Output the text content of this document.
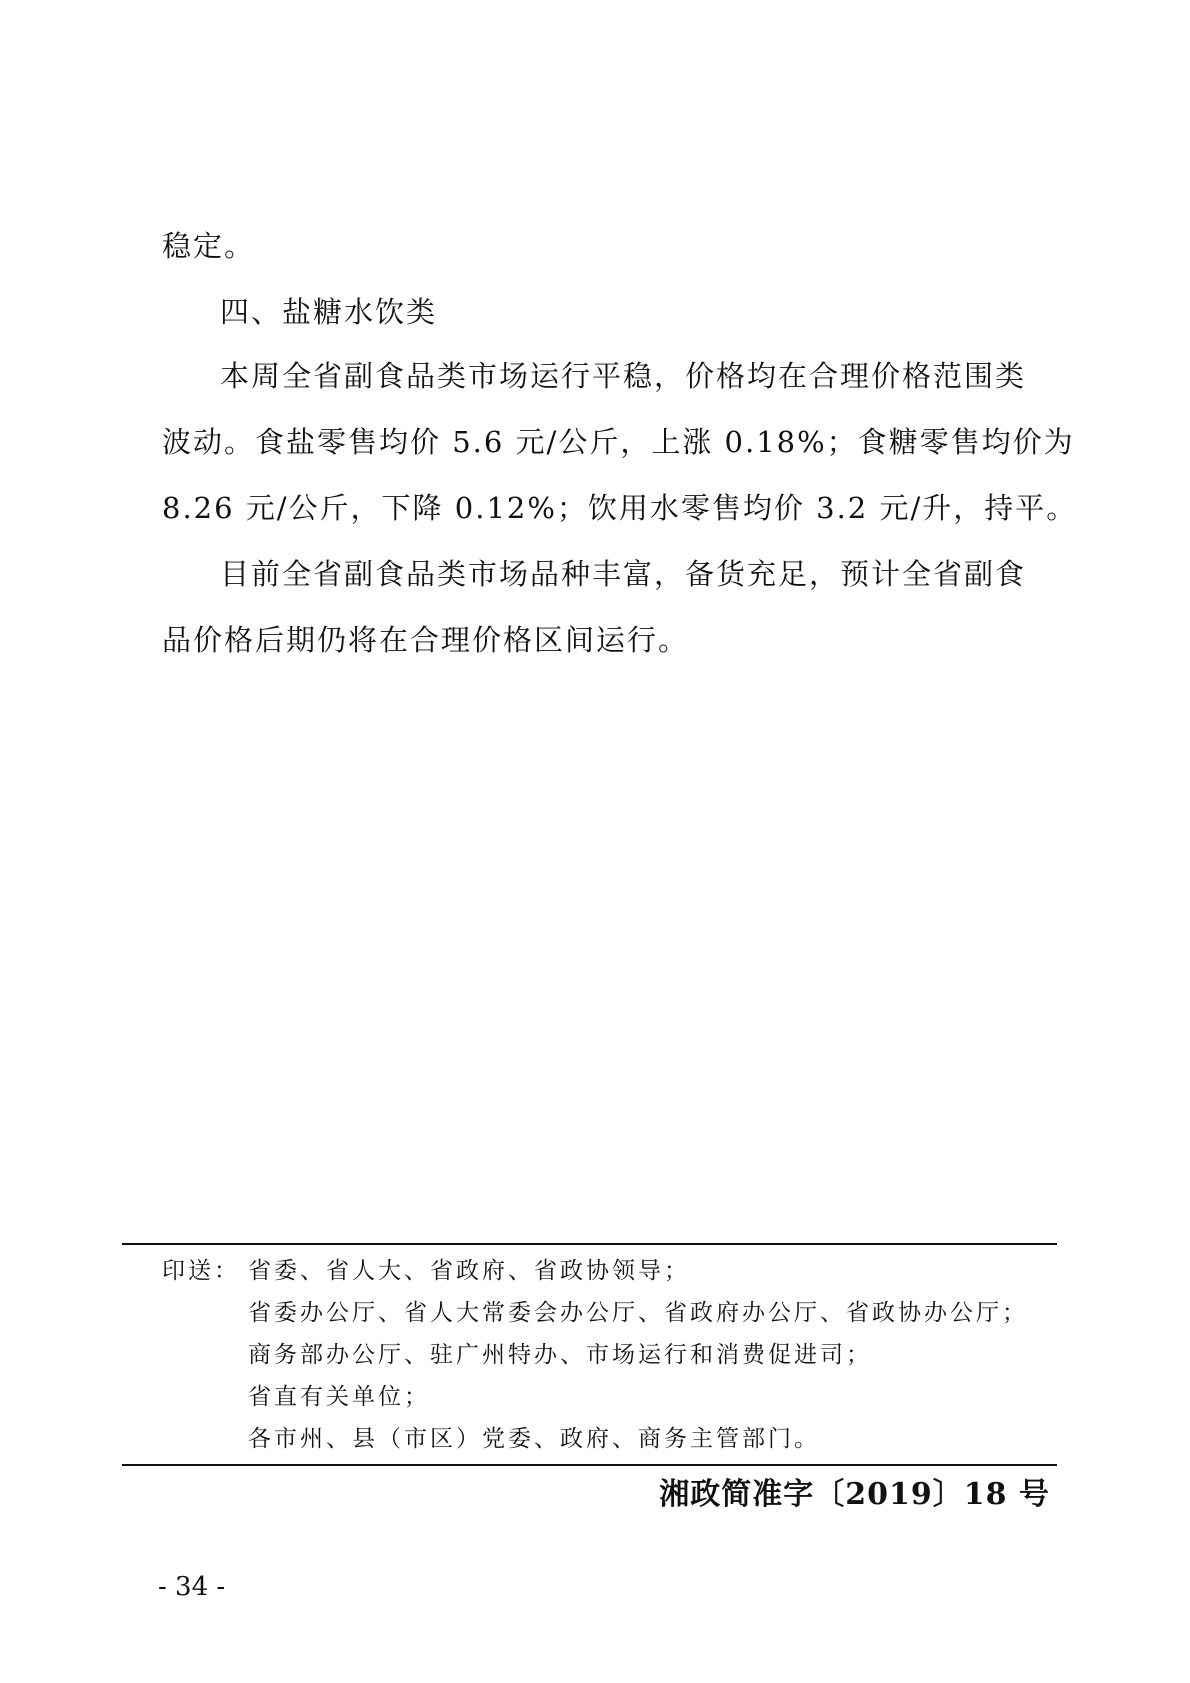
稳定。
四、盐糖水饮类
本周全省副食品类市场运行平稳，价格均在合理价格范围类
波动。食盐零售均价 5.6 元/公斤，上涨 0.18%；食糖零售均价为
8.26 元/公斤，下降 0.12%；饮用水零售均价 3.2 元/升，持平。
目前全省副食品类市场品种丰富，备货充足，预计全省副食
品价格后期仍将在合理价格区间运行。
印送： 省委、省人大、省政府、省政协领导；
省委办公厅、省人大常委会办公厅、省政府办公厅、省政协办公厅；
商务部办公厅、驻广州特办、市场运行和消费促进司；
省直有关单位；
各市州、县（市区）党委、政府、商务主管部门。
湘政简准字〔2019〕18 号
- 34 -
